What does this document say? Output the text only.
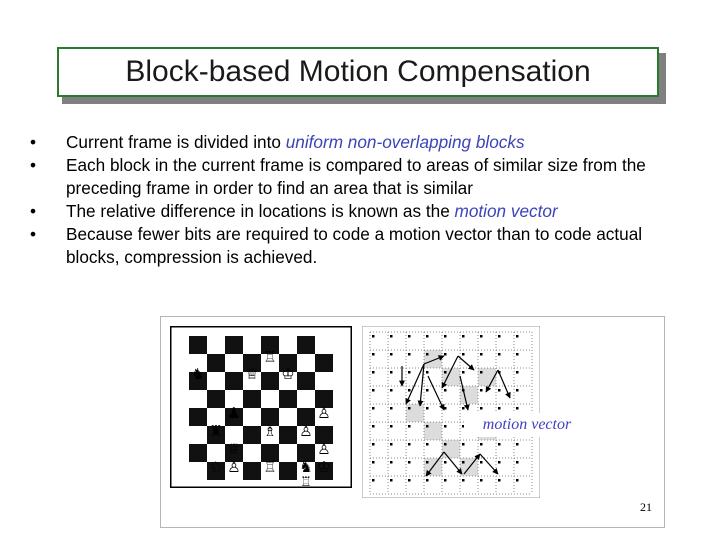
Block-based Motion Compensation
• Current frame is divided into uniform non-overlapping blocks
• Each block in the current frame is compared to areas of similar size from the preceding frame in order to find an area that is similar
• The relative difference in locations is known as the motion vector
• Because fewer bits are required to code a motion vector than to code actual blocks, compression is achieved.
♖
♞	♕ ♔
♟	♙
♜	♗ ♙
♕	♙
♘ ♙ ♖ ♞ ♔
♖
motion vector
21
